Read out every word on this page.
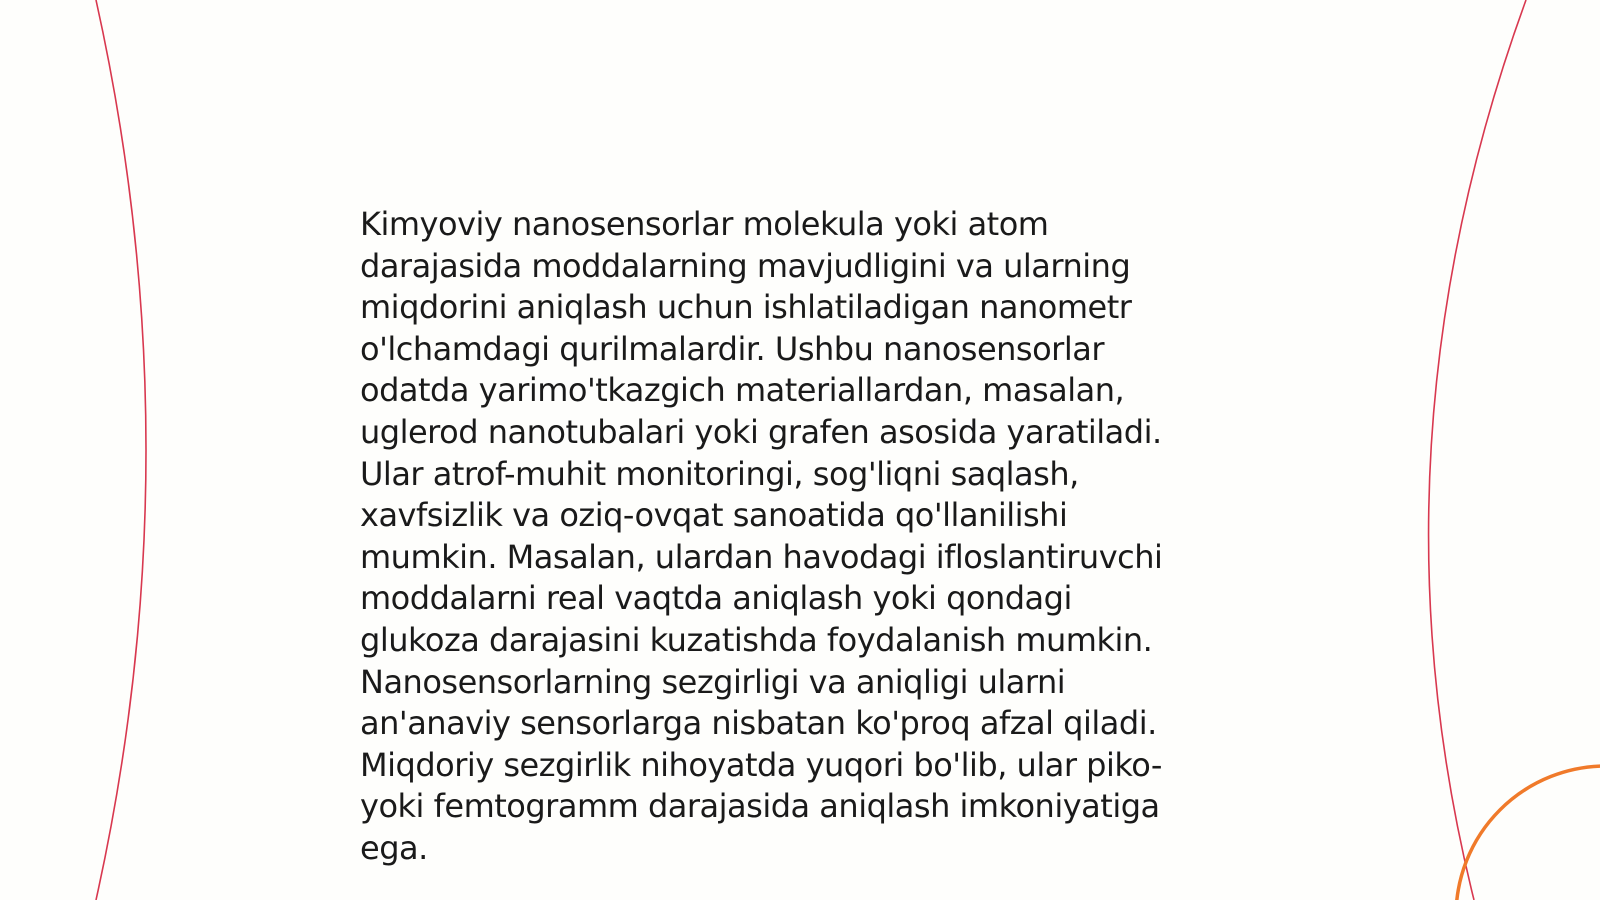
Kimyoviy nanosensorlar molekula yoki atom
darajasida moddalarning mavjudligini va ularning
miqdorini aniqlash uchun ishlatiladigan nanometr
o'lchamdagi qurilmalardir. Ushbu nanosensorlar
odatda yarimo'tkazgich materiallardan, masalan,
uglerod nanotubalari yoki grafen asosida yaratiladi.
Ular atrof-muhit monitoringi, sog'liqni saqlash,
xavfsizlik va oziq-ovqat sanoatida qo'llanilishi
mumkin. Masalan, ulardan havodagi ifloslantiruvchi
moddalarni real vaqtda aniqlash yoki qondagi
glukoza darajasini kuzatishda foydalanish mumkin.
Nanosensorlarning sezgirligi va aniqligi ularni
an'anaviy sensorlarga nisbatan ko'proq afzal qiladi.
Miqdoriy sezgirlik nihoyatda yuqori bo'lib, ular piko-
yoki femtogramm darajasida aniqlash imkoniyatiga
ega.
